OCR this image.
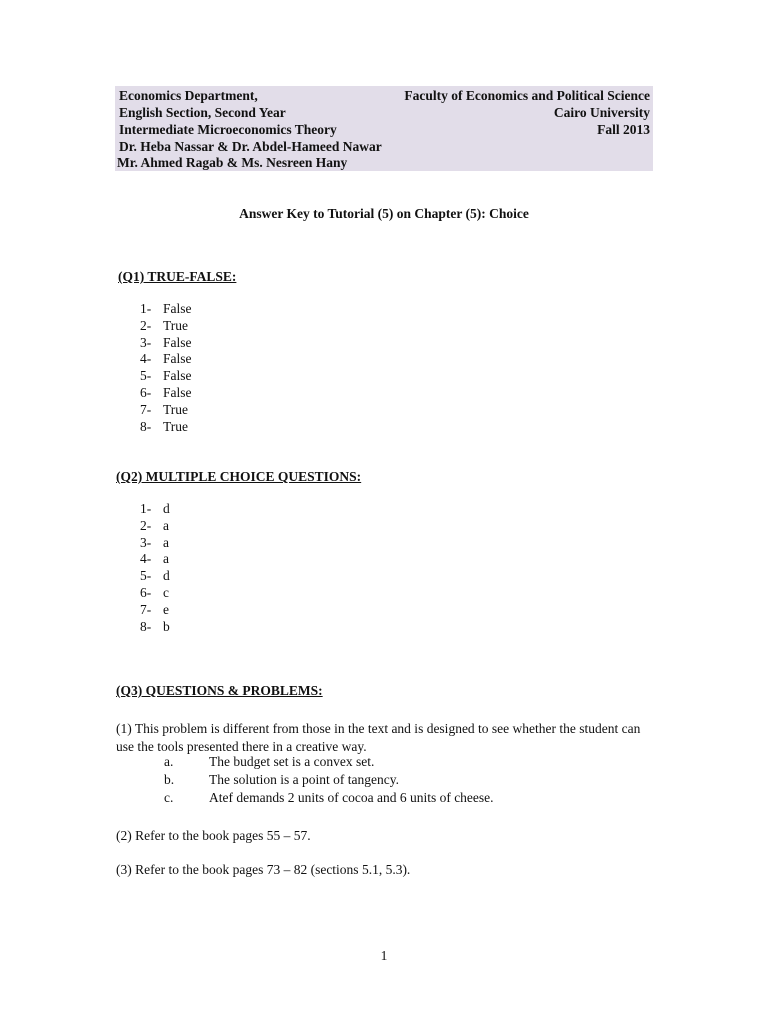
Economics Department,	Faculty of Economics and Political Science
English Section, Second Year	Cairo University
Intermediate Microeconomics Theory	Fall 2013
Dr. Heba Nassar & Dr. Abdel-Hameed Nawar
Mr. Ahmed Ragab & Ms. Nesreen Hany
Answer Key to Tutorial (5) on Chapter (5): Choice
(Q1) TRUE-FALSE:
1- False
2- True
3- False
4- False
5- False
6- False
7- True
8- True
(Q2) MULTIPLE CHOICE QUESTIONS:
1- d
2- a
3- a
4- a
5- d
6- c
7- e
8- b
(Q3) QUESTIONS & PROBLEMS:
(1) This problem is different from those in the text and is designed to see whether the student can use the tools presented there in a creative way.
a.	The budget set is a convex set.
b.	The solution is a point of tangency.
c.	Atef demands 2 units of cocoa and 6 units of cheese.
(2) Refer to the book pages 55 – 57.
(3) Refer to the book pages 73 – 82 (sections 5.1, 5.3).
1
